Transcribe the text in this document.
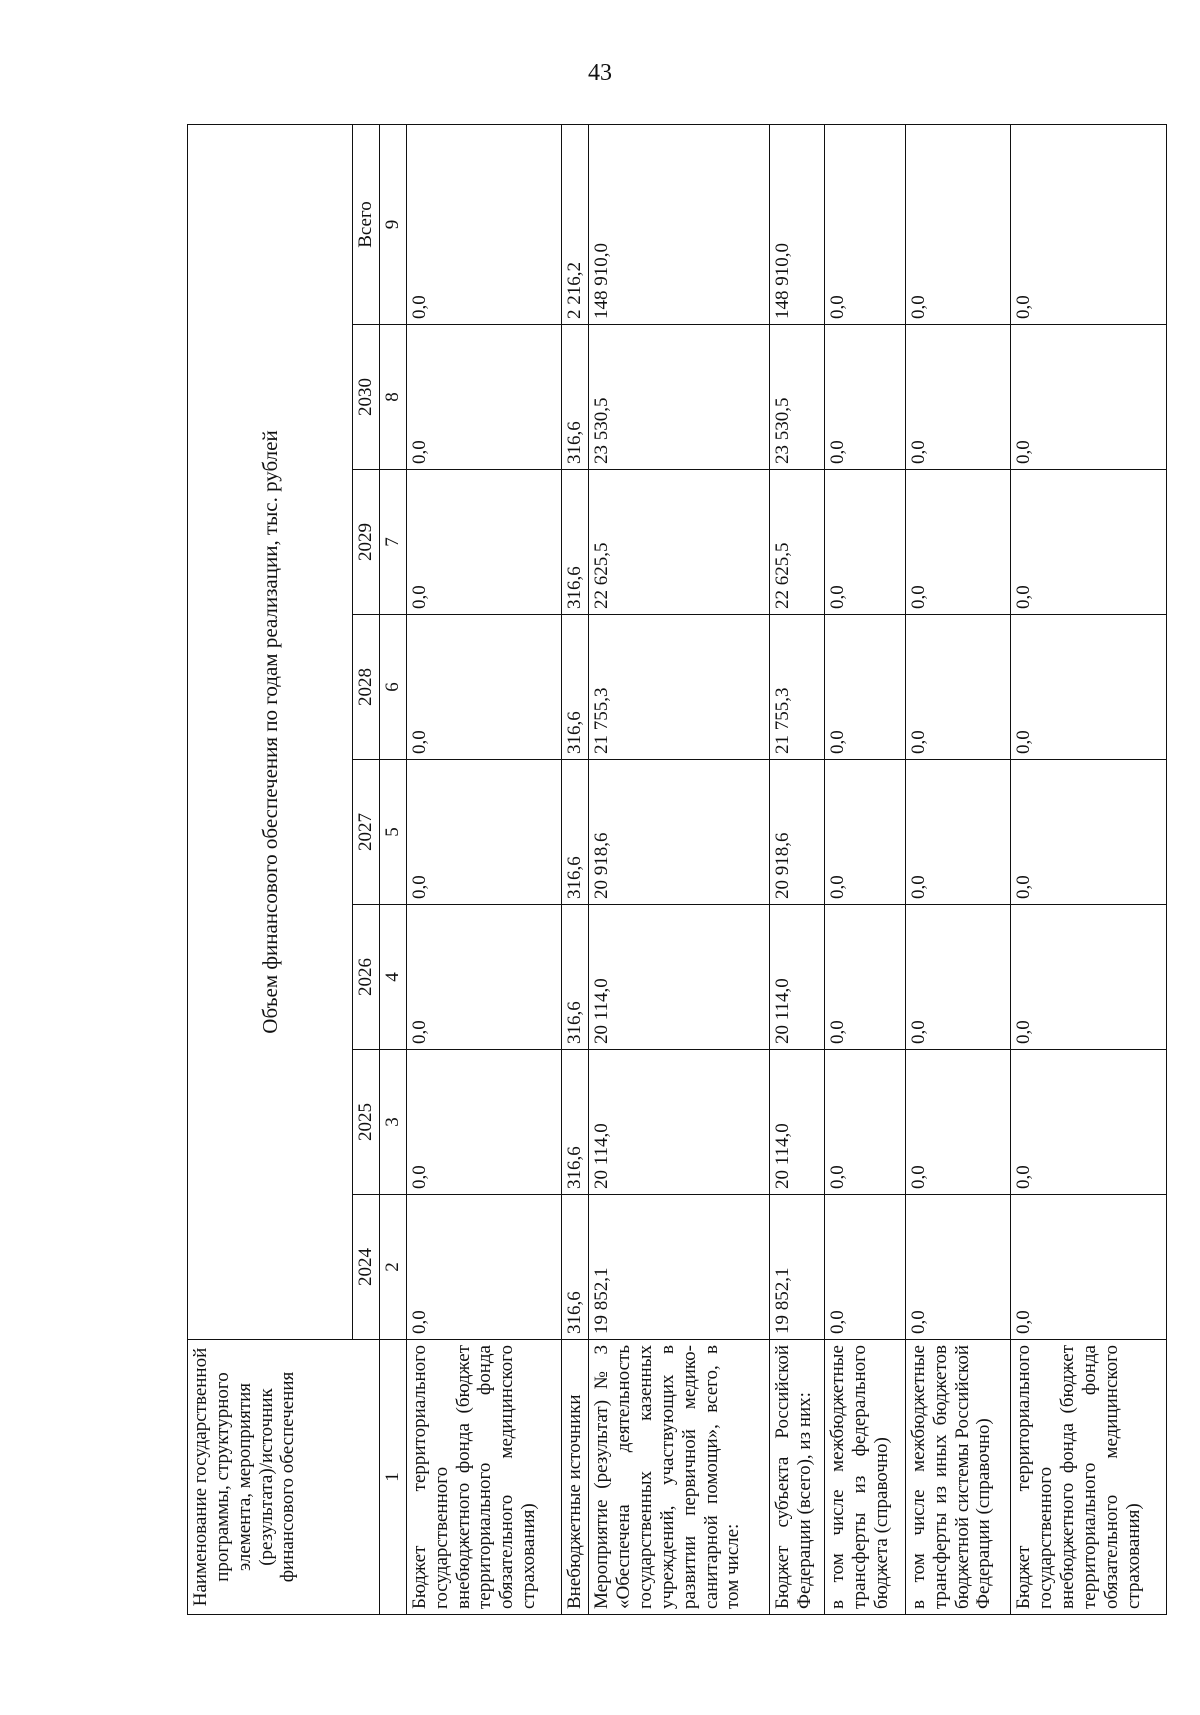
43
Наименование государственной программы, структурного элемента, мероприятия (результата)/источник финансового обеспечения	Объем финансового обеспечения по годам реализации, тыс. рублей							
	2024	2025	2026	2027	2028	2029	2030	Всего
1	2	3	4	5	6	7	8	9
Бюджет территориального государственного внебюджетного фонда (бюджет территориального фонда обязательного медицинского страхования)	0,0	0,0	0,0	0,0	0,0	0,0	0,0	0,0
Внебюджетные источники	316,6	316,6	316,6	316,6	316,6	316,6	316,6	2 216,2
Мероприятие (результат) № 3 «Обеспечена деятельность государственных казенных учреждений, участвующих в развитии первичной медико-санитарной помощи», всего, в том числе:	19 852,1	20 114,0	20 114,0	20 918,6	21 755,3	22 625,5	23 530,5	148 910,0
Бюджет субъекта Российской Федерации (всего), из них:	19 852,1	20 114,0	20 114,0	20 918,6	21 755,3	22 625,5	23 530,5	148 910,0
в том числе межбюджетные трансферты из федерального бюджета (справочно)	0,0	0,0	0,0	0,0	0,0	0,0	0,0	0,0
в том числе межбюджетные трансферты из иных бюджетов бюджетной системы Российской Федерации (справочно)	0,0	0,0	0,0	0,0	0,0	0,0	0,0	0,0
Бюджет территориального государственного внебюджетного фонда (бюджет территориального фонда обязательного медицинского страхования)	0,0	0,0	0,0	0,0	0,0	0,0	0,0	0,0
